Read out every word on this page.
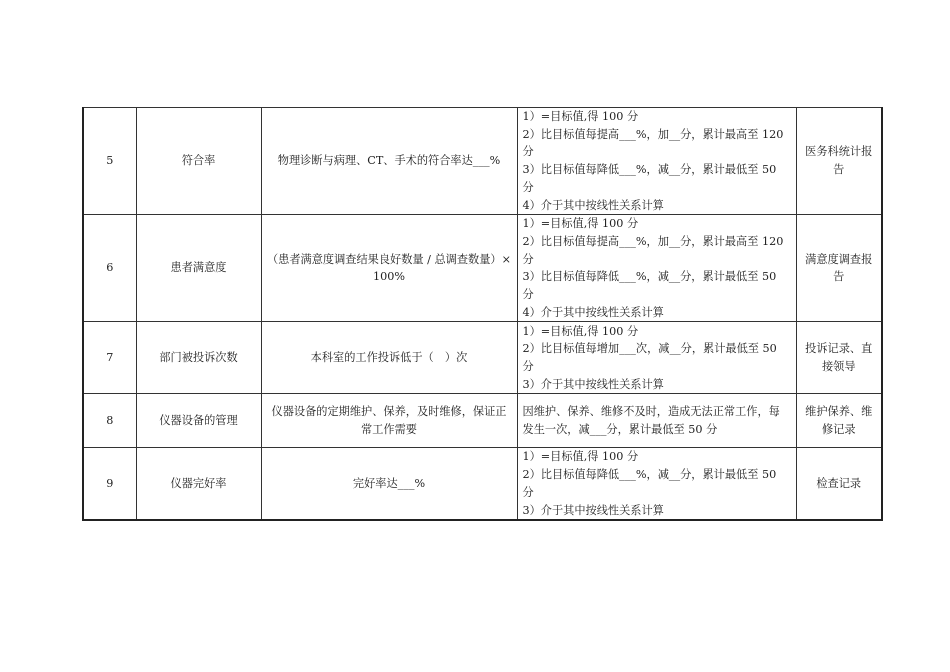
5	符合率	物理诊断与病理、CT、手术的符合率达___%	1）=目标值,得 100 分
2）比目标值每提高___%，加__分，累计最高至 120 分
3）比目标值每降低___%，减__分，累计最低至 50 分
4）介于其中按线性关系计算	医务科统计报告
6	患者满意度	（患者满意度调查结果良好数量 / 总调查数量）×100%	1）=目标值,得 100 分
2）比目标值每提高___%，加__分，累计最高至 120 分
3）比目标值每降低___%，减__分，累计最低至 50 分
4）介于其中按线性关系计算	满意度调查报告
7	部门被投诉次数	本科室的工作投诉低于（　）次	1）=目标值,得 100 分
2）比目标值每增加___次，减__分，累计最低至 50 分
3）介于其中按线性关系计算	投诉记录、直接领导
8	仪器设备的管理	仪器设备的定期维护、保养，及时维修，保证正常工作需要	因维护、保养、维修不及时，造成无法正常工作，每发生一次，减___分，累计最低至 50 分	维护保养、维修记录
9	仪器完好率	完好率达___%	1）=目标值,得 100 分
2）比目标值每降低___%，减__分，累计最低至 50 分
3）介于其中按线性关系计算	检查记录
